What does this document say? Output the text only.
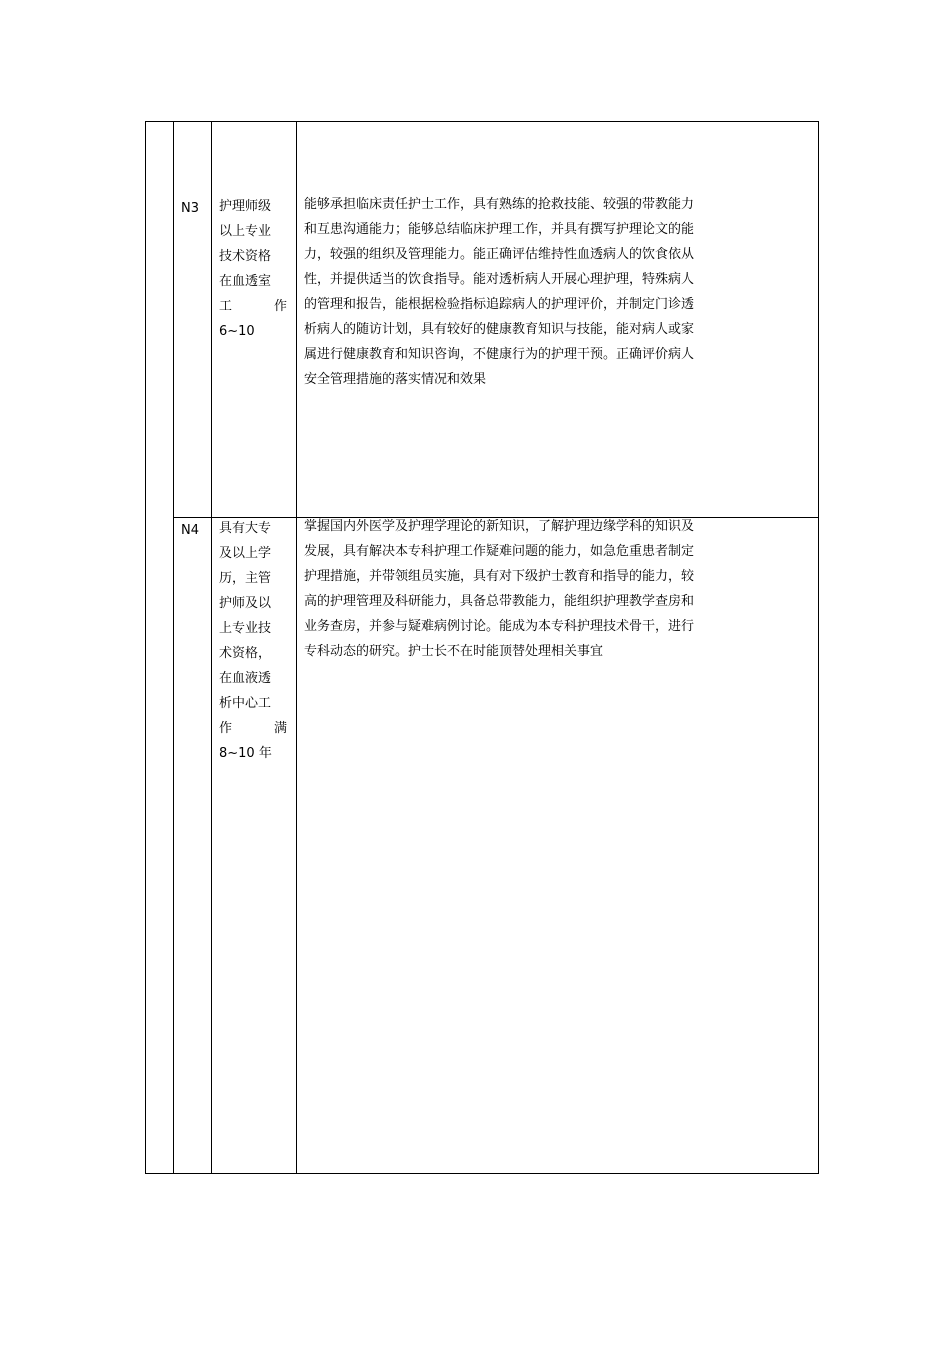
N3 护理师级
以上专业
技术资格
在血透室
工	作
6~10
能够承担临床责任护士工作，具有熟练的抢救技能、较强的带教能力
和互患沟通能力；能够总结临床护理工作，并具有撰写护理论文的能
力，较强的组织及管理能力。能正确评估维持性血透病人的饮食依从
性，并提供适当的饮食指导。能对透析病人开展心理护理，特殊病人
的管理和报告，能根据检验指标追踪病人的护理评价，并制定门诊透
析病人的随访计划，具有较好的健康教育知识与技能，能对病人或家
属进行健康教育和知识咨询，不健康行为的护理干预。正确评价病人
安全管理措施的落实情况和效果
N4 具有大专
及以上学
历，主管
护师及以
上专业技
术资格，
在血液透
析中心工
作	满
8~10 年
掌握国内外医学及护理学理论的新知识，了解护理边缘学科的知识及
发展，具有解决本专科护理工作疑难问题的能力，如急危重患者制定
护理措施，并带领组员实施，具有对下级护士教育和指导的能力，较
高的护理管理及科研能力，具备总带教能力，能组织护理教学查房和
业务查房，并参与疑难病例讨论。能成为本专科护理技术骨干，进行
专科动态的研究。护士长不在时能顶替处理相关事宜
